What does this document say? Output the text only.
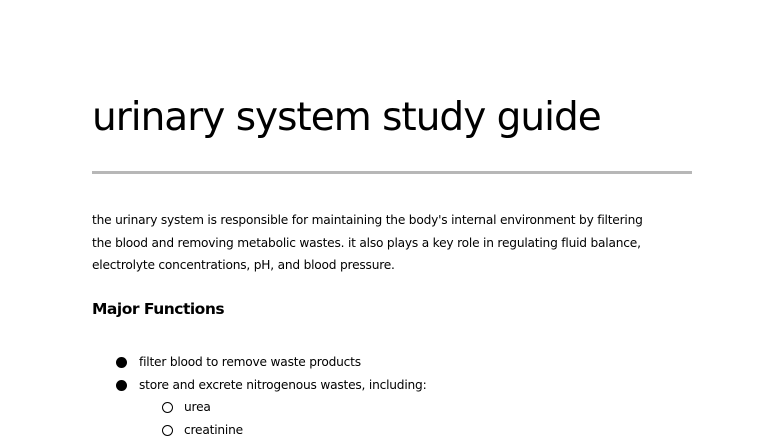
urinary system study guide

the urinary system is responsible for maintaining the body's internal environment by filtering
the blood and removing metabolic wastes. it also plays a key role in regulating fluid balance,
electrolyte concentrations, pH, and blood pressure.

Major Functions
filter blood to remove waste products
store and excrete nitrogenous wastes, including:
urea
creatinine
